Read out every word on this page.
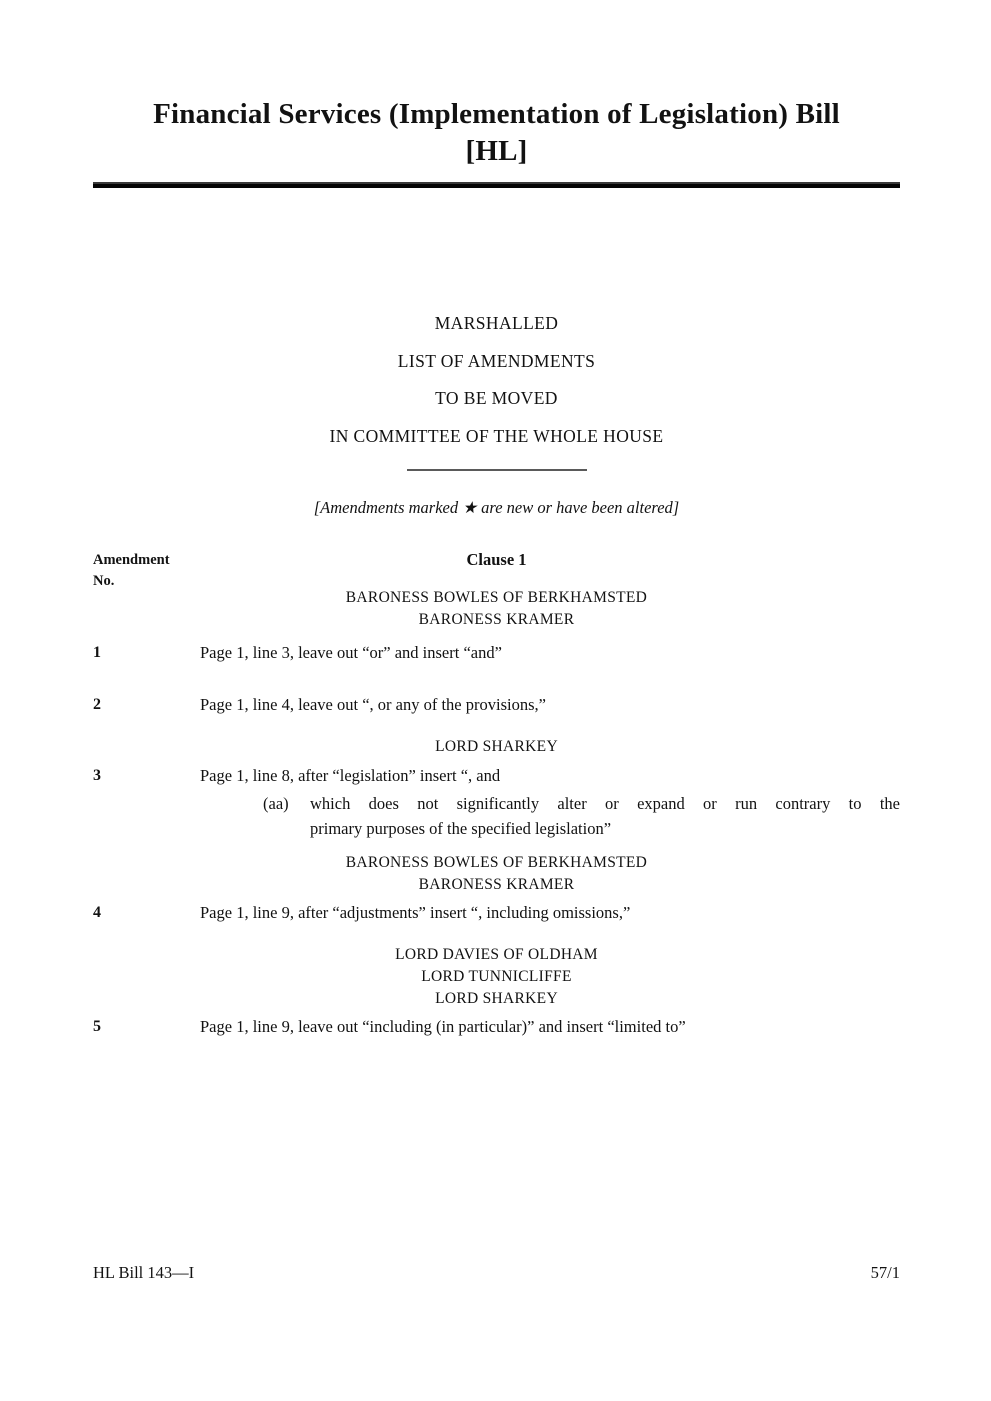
Financial Services (Implementation of Legislation) Bill
[HL]
MARSHALLED
LIST OF AMENDMENTS
TO BE MOVED
IN COMMITTEE OF THE WHOLE HOUSE
[Amendments marked ★ are new or have been altered]
Amendment
No.
Clause 1
BARONESS BOWLES OF BERKHAMSTED
BARONESS KRAMER
1	Page 1, line 3, leave out “or” and insert “and”
2	Page 1, line 4, leave out “, or any of the provisions,”
LORD SHARKEY
3	Page 1, line 8, after “legislation” insert “, and
(aa)	which does not significantly alter or expand or run contrary to the
primary purposes of the specified legislation”
BARONESS BOWLES OF BERKHAMSTED
BARONESS KRAMER
4	Page 1, line 9, after “adjustments” insert “, including omissions,”
LORD DAVIES OF OLDHAM
LORD TUNNICLIFFE
LORD SHARKEY
5	Page 1, line 9, leave out “including (in particular)” and insert “limited to”
HL Bill 143—I	57/1
